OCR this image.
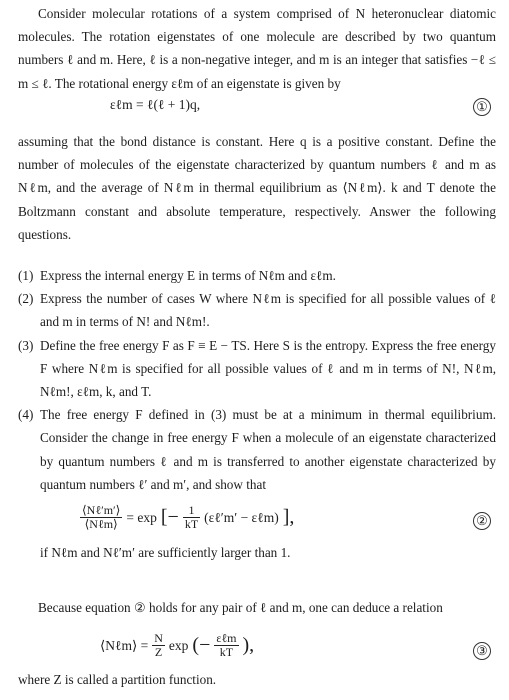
Consider molecular rotations of a system comprised of N heteronuclear diatomic molecules. The rotation eigenstates of one molecule are described by two quantum numbers ℓ and m. Here, ℓ is a non-negative integer, and m is an integer that satisfies −ℓ ≤ m ≤ ℓ. The rotational energy εℓm of an eigenstate is given by
εℓm = ℓ(ℓ + 1)q,	①
assuming that the bond distance is constant. Here q is a positive constant. Define the number of molecules of the eigenstate characterized by quantum numbers ℓ and m as Nℓm, and the average of Nℓm in thermal equilibrium as ⟨Nℓm⟩. k and T denote the Boltzmann constant and absolute temperature, respectively. Answer the following questions.
(1) Express the internal energy E in terms of Nℓm and εℓm.
(2) Express the number of cases W where Nℓm is specified for all possible values of ℓ and m in terms of N! and Nℓm!.
(3) Define the free energy F as F ≡ E − TS. Here S is the entropy. Express the free energy F where Nℓm is specified for all possible values of ℓ and m in terms of N!, Nℓm, Nℓm!, εℓm, k, and T.
(4) The free energy F defined in (3) must be at a minimum in thermal equilibrium. Consider the change in free energy F when a molecule of an eigenstate characterized by quantum numbers ℓ and m is transferred to another eigenstate characterized by quantum numbers ℓ′ and m′, and show that
$\frac{\text{⟨Nℓ′m′⟩}}{\text{⟨Nℓm⟩}} = \exp$ [− $\frac{1}{kT}$ (εℓ′m′ − εℓm) ],	②
if Nℓm and Nℓ′m′ are sufficiently larger than 1.
Because equation ② holds for any pair of ℓ and m, one can deduce a relation
⟨Nℓm⟩ = $\frac{N}{Z}$ exp (− $\frac{\text{εℓm}}{kT}$ ),	③
where Z is called a partition function.
